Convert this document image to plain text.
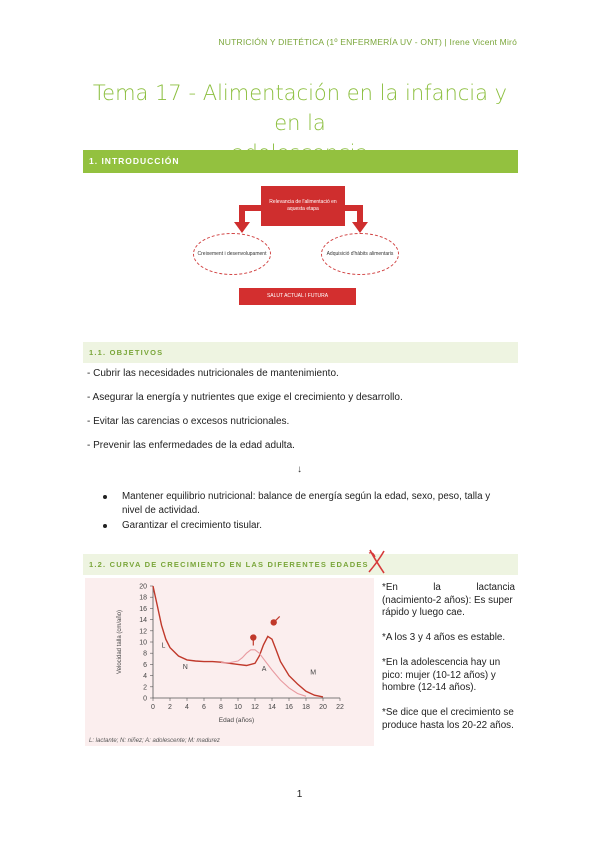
NUTRICIÓN Y DIETÉTICA (1º ENFERMERÍA UV - ONT) | Irene Vicent Miró
Tema 17 - Alimentación en la infancia y en la
1. INTRODUCCIÓN
Relevancia de l'alimentació en aquesta etapa
Creixement i desenvolupament	Adquisició d'hàbits alimentaris
SALUT ACTUAL I FUTURA
1.1. OBJETIVOS
- Cubrir las necesidades nutricionales de mantenimiento.
- Asegurar la energía y nutrientes que exige el crecimiento y desarrollo.
- Evitar las carencias o excesos nutricionales.
- Prevenir las enfermedades de la edad adulta.
↓
Mantener equilibrio nutricional: balance de energía según la edad, sexo, peso, talla y nivel de actividad.
Garantizar el crecimiento tisular.
1.2. CURVA DE CRECIMIENTO EN LAS DIFERENTES EDADES
0
2
4
6
8
10
12
14
16
18
20
0 2 4 6 8 10 12 14 16 18 20 22
Edad (años)
Velocidad talla (cm/año)	L
N	A	M
L: lactante; N: niñez; A: adolescente; M: madurez
*En	la	lactancia
(nacimiento-2 años): Es super rápido y luego cae.
*A los 3 y 4 años es estable.
*En la adolescencia hay un pico: mujer (10-12 años) y hombre (12-14 años).
*Se dice que el crecimiento se produce hasta los 20-22 años.
1
